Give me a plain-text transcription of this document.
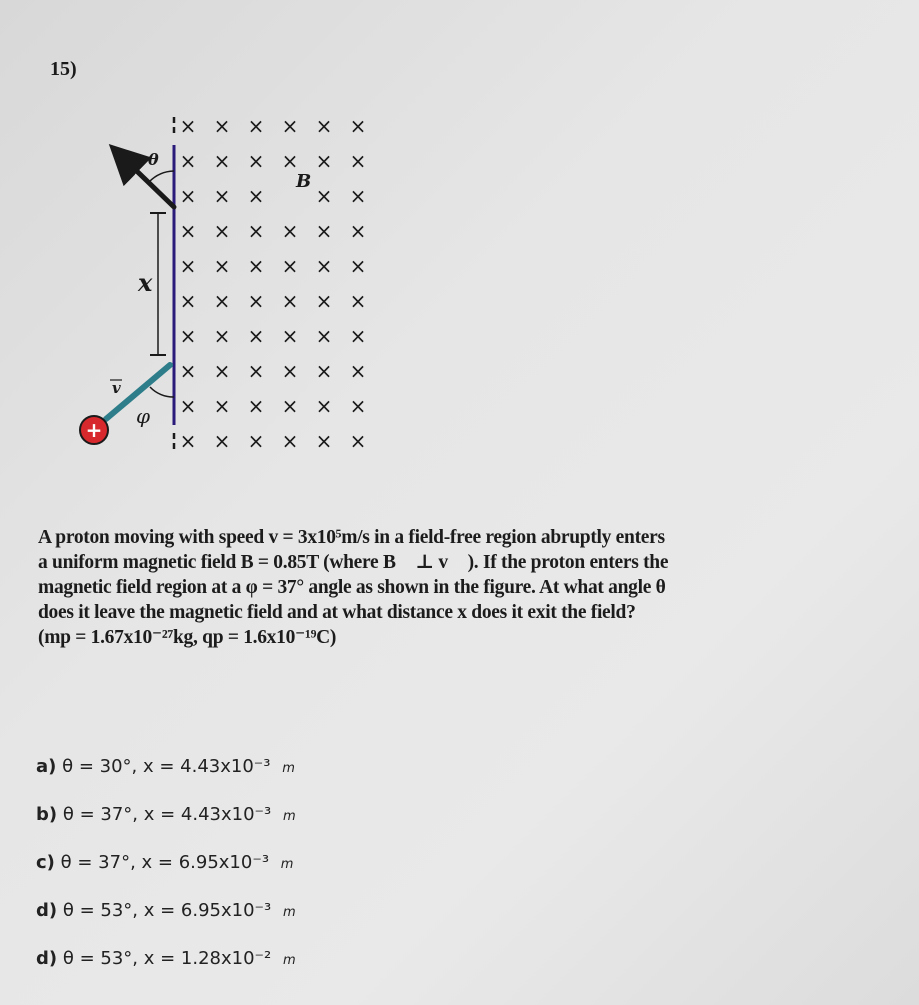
15)
× × × × × ×
× × × × × ×
× × ×	× ×
× × × × × ×
× × × × × ×
× × × × × ×
× × × × × ×
× × × × × ×
× × × × × ×
× × × × × ×
θ
φ
B
x
v
+
A proton moving with speed v = 3x10⁵m/s in a field-free region abruptly enters
a uniform magnetic field B = 0.85T (where B⃗ ⊥ v⃗ ). If the proton enters the
magnetic field region at a φ = 37° angle as shown in the figure. At what angle θ
does it leave the magnetic field and at what distance x does it exit the field?
(mp = 1.67x10⁻²⁷kg, qp = 1.6x10⁻¹⁹C)
a) θ = 30°, x = 4.43x10⁻³ m
b) θ = 37°, x = 4.43x10⁻³ m
c) θ = 37°, x = 6.95x10⁻³ m
d) θ = 53°, x = 6.95x10⁻³ m
d) θ = 53°, x = 1.28x10⁻² m
